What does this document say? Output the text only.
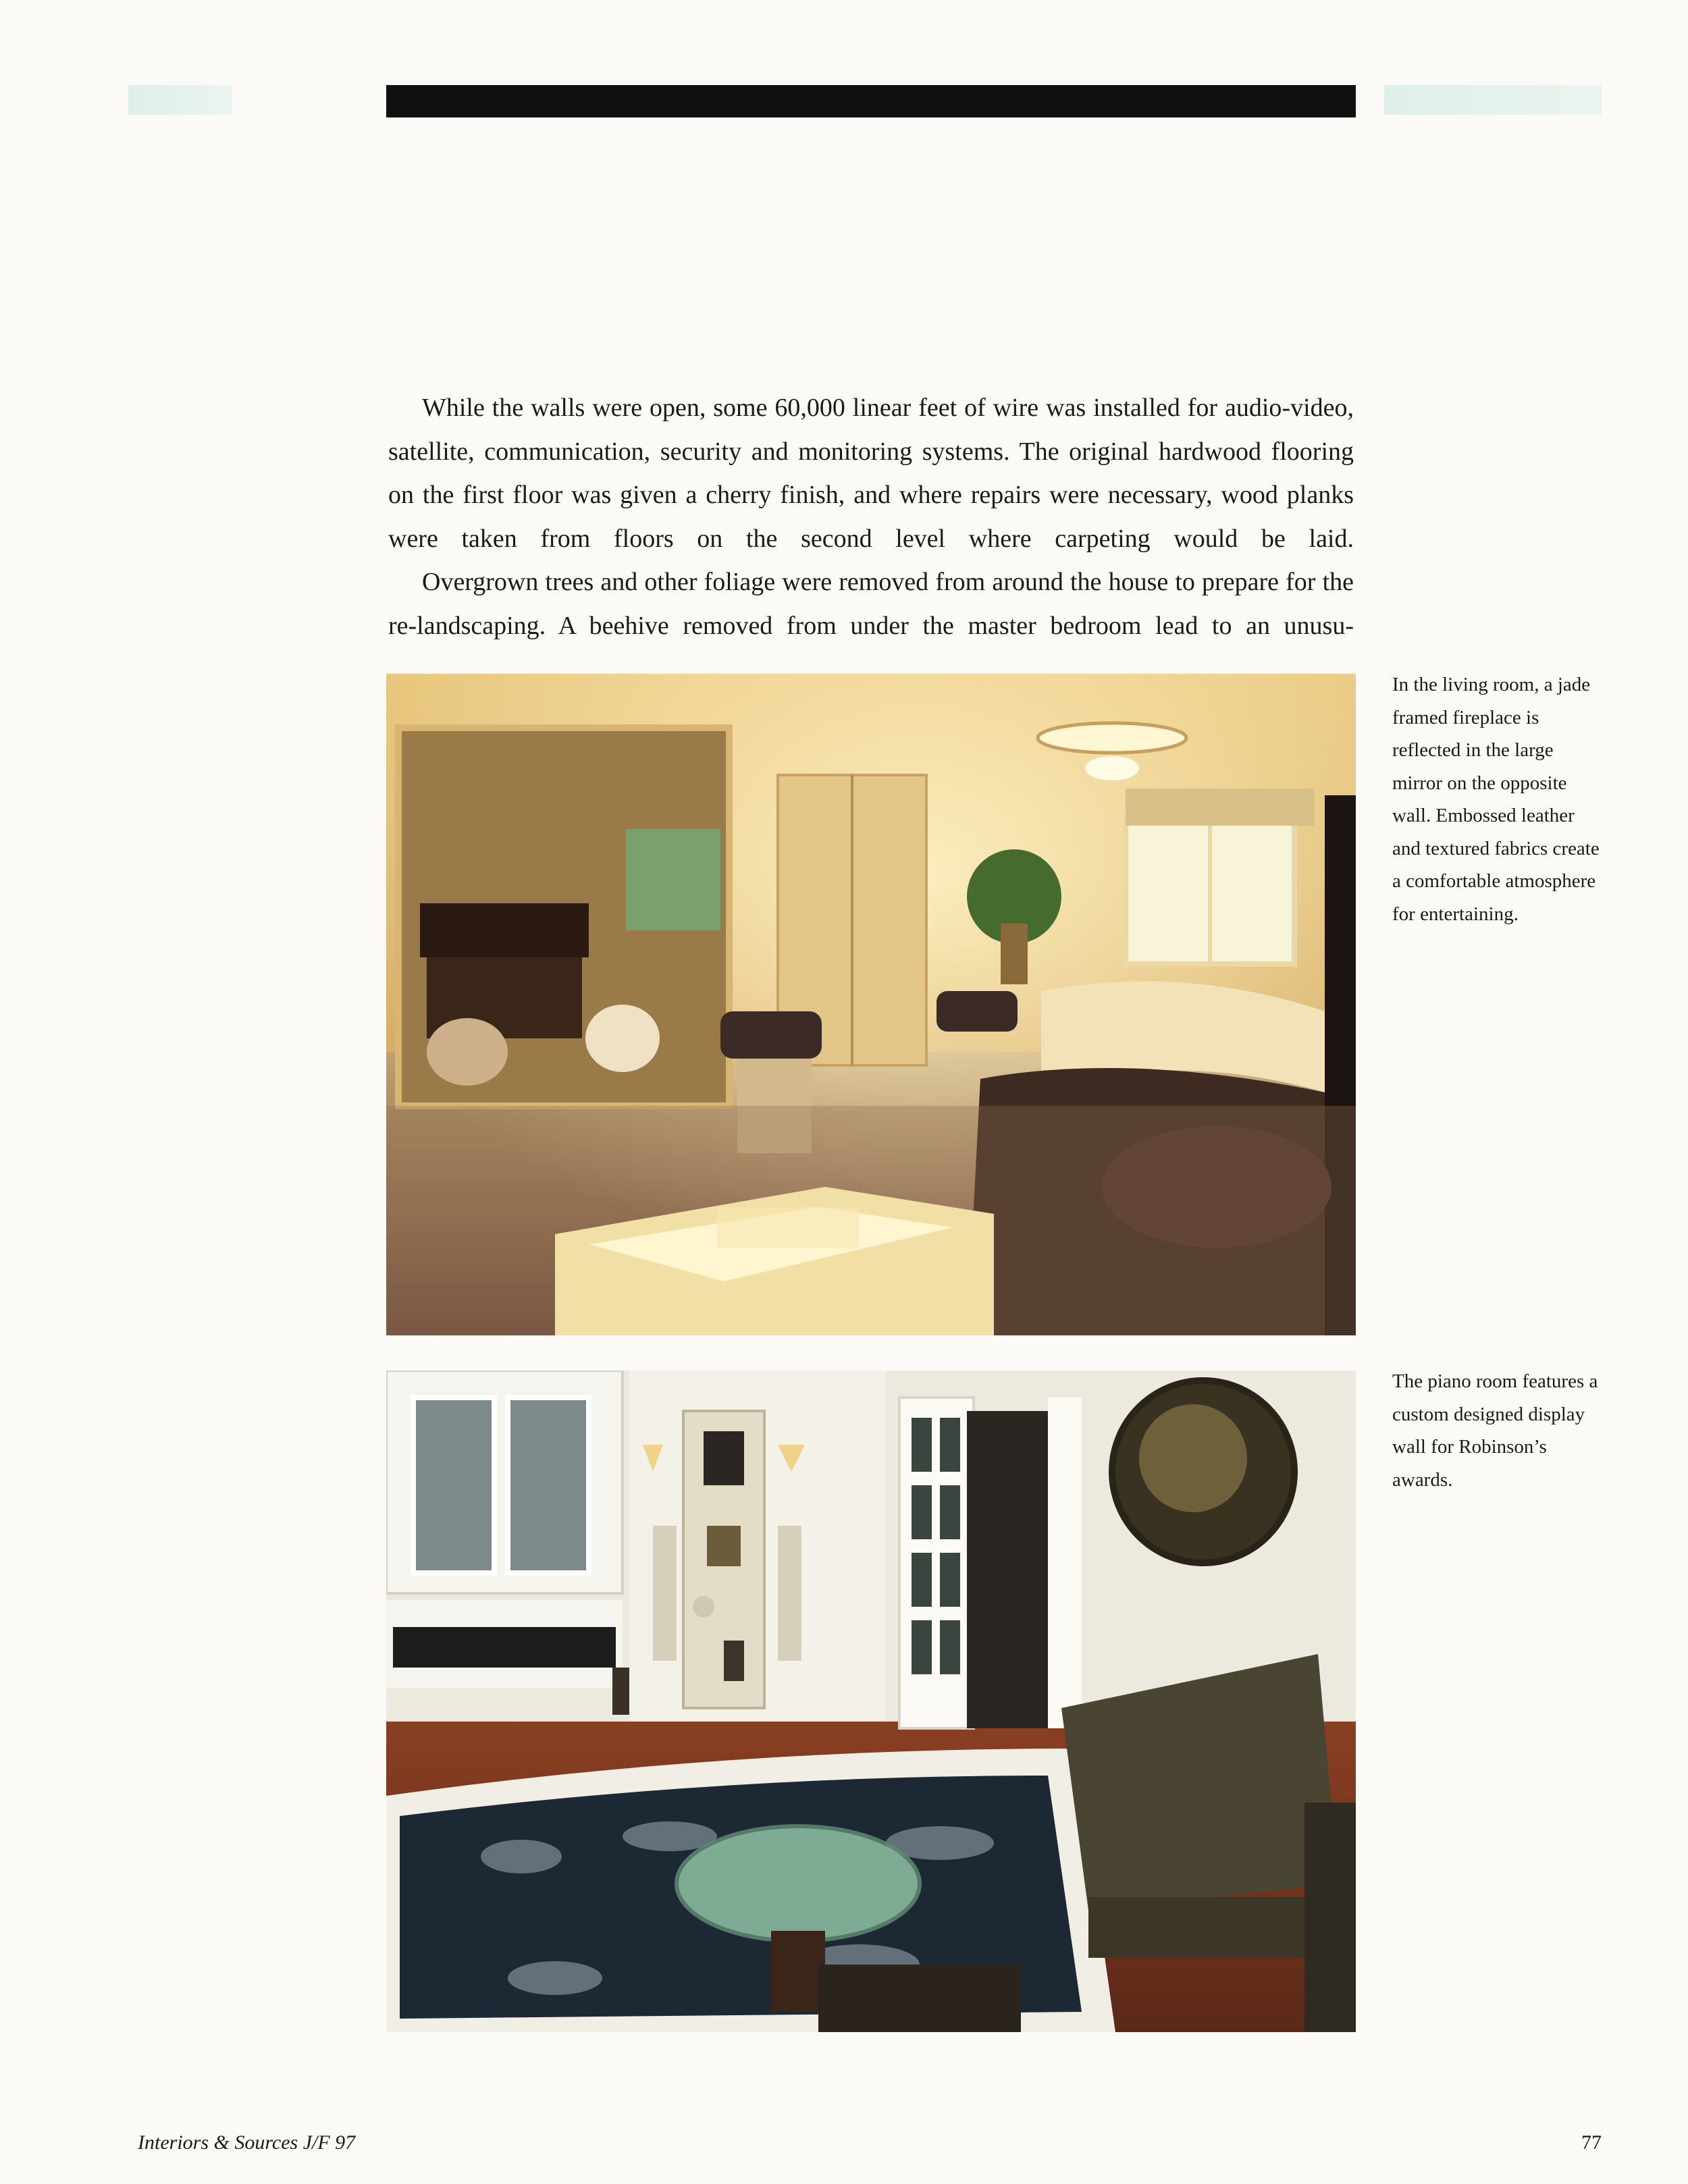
While the walls were open, some 60,000 linear feet of wire was installed for audio-video, satellite, communication, security and monitoring systems. The original hardwood flooring on the first floor was given a cherry finish, and where repairs were necessary, wood planks were taken from floors on the second level where carpeting would be laid.

Overgrown trees and other foliage were removed from around the house to prepare for the re-landscaping. A beehive removed from under the master bedroom lead to an unusu-

In the living room, a jade framed fireplace is reflected in the large mirror on the opposite wall. Embossed leather and textured fabrics create a comfortable atmosphere for entertaining.
The piano room features a custom designed display wall for Robinson’s awards.
Interiors & Sources J/F 97	77
